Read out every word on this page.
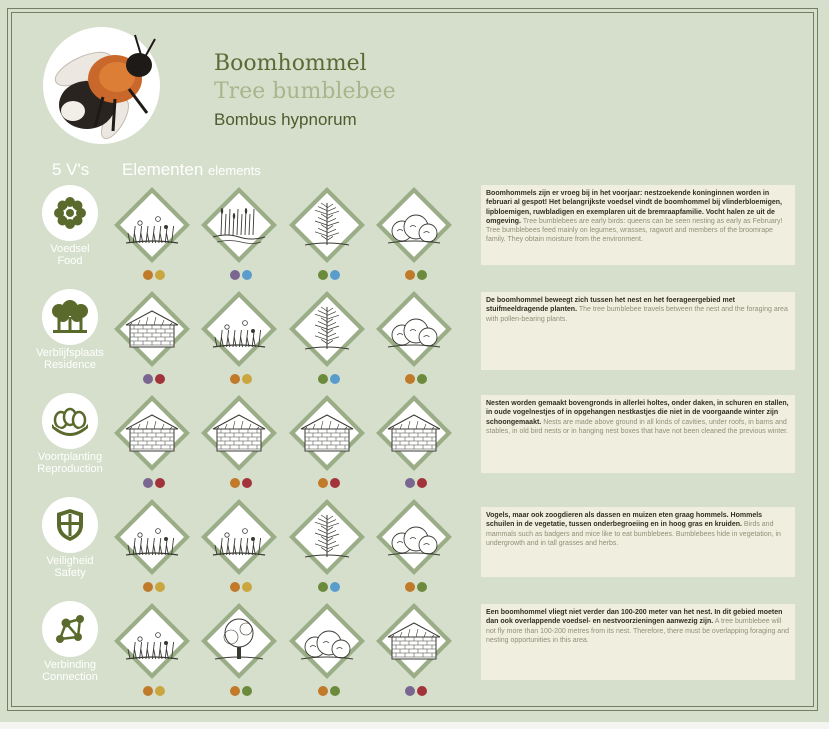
Boomhommel
Tree bumblebee
Bombus hypnorum
5 V's Elementen elements
Voedsel
Food
Boomhommels zijn er vroeg bij in het voorjaar: nestzoekende koninginnen worden in februari al gespot! Het belangrijkste voedsel vindt de boomhommel bij vlinderbloemigen, lipbloemigen, ruwbladigen en exemplaren uit de bremraapfamilie. Vocht halen ze uit de omgeving. Tree bumblebees are early birds: queens can be seen nesting as early as February! Tree bumblebees feed mainly on legumes, wrasses, ragwort and members of the broomrape family. They obtain moisture from the environment.
Verblijfsplaats
Residence
De boomhommel beweegt zich tussen het nest en het foerageergebied met stuifmeeldragende planten. The tree bumblebee travels between the nest and the foraging area with pollen-bearing plants.
Voortplanting
Reproduction
Nesten worden gemaakt bovengronds in allerlei holtes, onder daken, in schuren en stallen, in oude vogelnestjes of in opgehangen nestkastjes die niet in de voorgaande winter zijn schoongemaakt. Nests are made above ground in all kinds of cavities, under roofs, in barns and stables, in old bird nests or in hanging nest boxes that have not been cleaned the previous winter.
Veiligheid
Safety
Vogels, maar ook zoogdieren als dassen en muizen eten graag hommels. Hommels schuilen in de vegetatie, tussen onderbegroeiing en in hoog gras en kruiden. Birds and mammals such as badgers and mice like to eat bumblebees. Bumblebees hide in vegetation, in undergrowth and in tall grasses and herbs.
Verbinding
Connection
Een boomhommel vliegt niet verder dan 100-200 meter van het nest. In dit gebied moeten dan ook overlappende voedsel- en nestvoorzieningen aanwezig zijn. A tree bumblebee will not fly more than 100-200 metres from its nest. Therefore, there must be overlapping foraging and nesting opportunities in this area.
